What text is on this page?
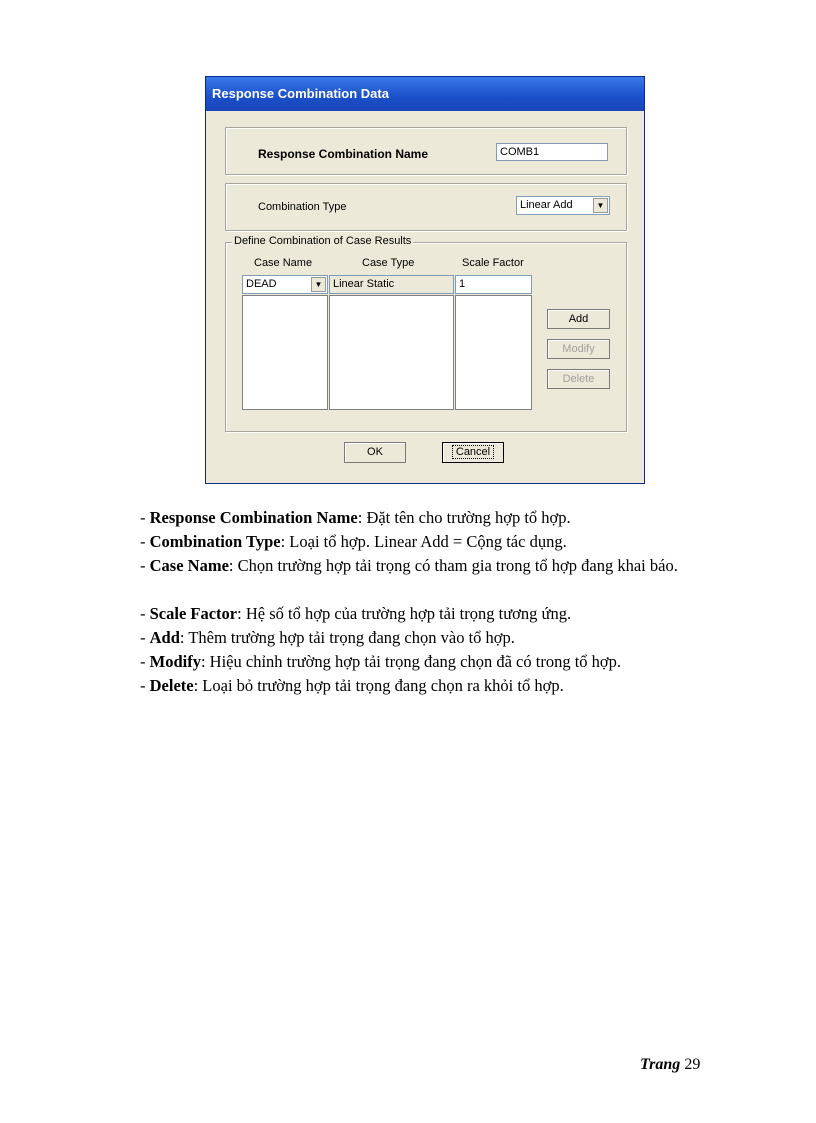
Response Combination Data
Response Combination Name	COMB1
Combination Type	Linear Add	▼
Define Combination of Case Results
Case Name	Case Type	Scale Factor
DEAD	▼ Linear Static	1
Add
Modify
Delete
OK	Cancel
- Response Combination Name: Đặt tên cho trường hợp tổ hợp.
- Combination Type: Loại tổ hợp. Linear Add = Cộng tác dụng.
- Case Name: Chọn trường hợp tải trọng có tham gia trong tổ hợp đang khai báo.
- Scale Factor: Hệ số tổ hợp của trường hợp tải trọng tương ứng.
- Add: Thêm trường hợp tải trọng đang chọn vào tổ hợp.
- Modify: Hiệu chỉnh trường hợp tải trọng đang chọn đã có trong tổ hợp.
- Delete: Loại bỏ trường hợp tải trọng đang chọn ra khỏi tổ hợp.
Trang 29
